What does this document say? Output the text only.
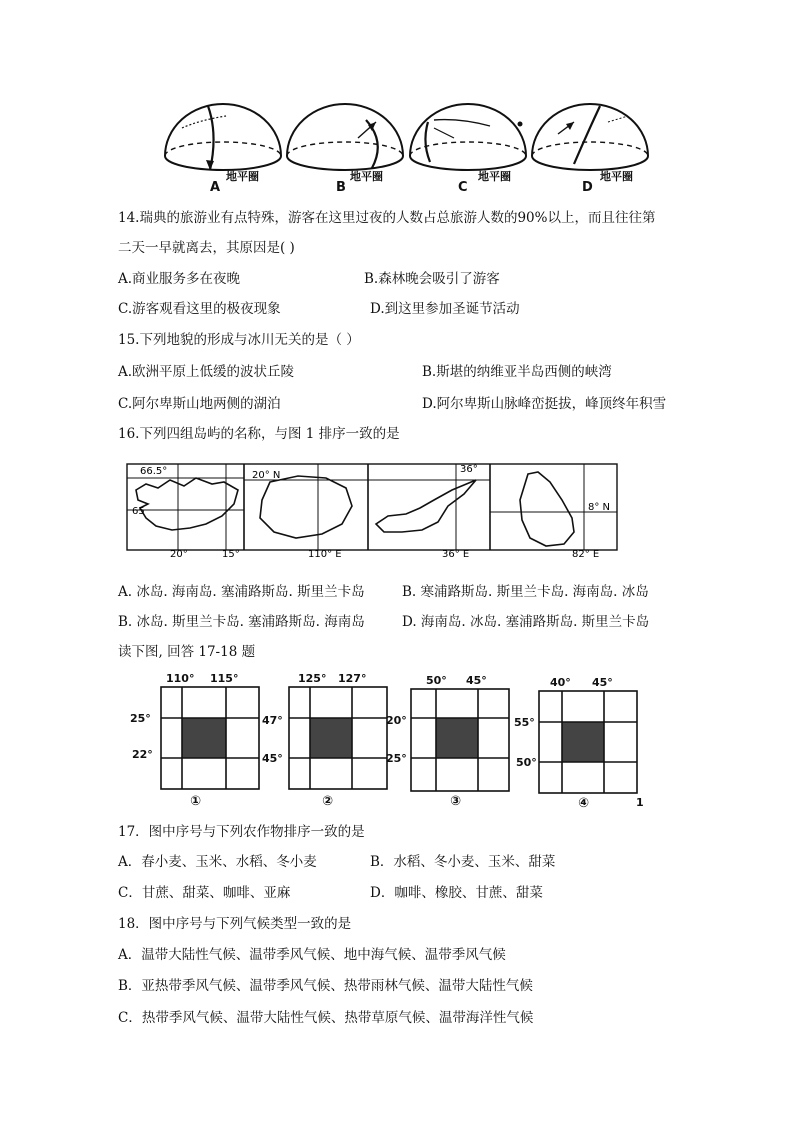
地平圈
A
地平圈
B
地平圈
C
地平圈
D
14.瑞典的旅游业有点特殊，游客在这里过夜的人数占总旅游人数的90%以上，而且往往第
二天一早就离去，其原因是( )
A.商业服务多在夜晚	B.森林晚会吸引了游客
C.游客观看这里的极夜现象	D.到这里参加圣诞节活动
15.下列地貌的形成与冰川无关的是（ ）
A.欧洲平原上低缓的波状丘陵	B.斯堪的纳维亚半岛西侧的峡湾
C.阿尔卑斯山地两侧的湖泊	D.阿尔卑斯山脉峰峦挺拔，峰顶终年积雪
16.下列四组岛屿的名称，与图 1 排序一致的是
66.5°
65
20°	15°
20° N
110° E
36°
36° E
8° N
82° E
A. 冰岛. 海南岛. 塞浦路斯岛. 斯里兰卡岛	B. 寒浦路斯岛. 斯里兰卡岛. 海南岛. 冰岛
B. 冰岛. 斯里兰卡岛. 塞浦路斯岛. 海南岛	D. 海南岛. 冰岛. 塞浦路斯岛. 斯里兰卡岛
读下图, 回答 17-18 题
110° 115°
25°
22°
①
125° 127°
47°
45°
②
50° 45°
20°
25°
③
40° 45°
55°
50°
④	1
17．图中序号与下列农作物排序一致的是
A．春小麦、玉米、水稻、冬小麦	B．水稻、冬小麦、玉米、甜菜
C．甘蔗、甜菜、咖啡、亚麻	D．咖啡、橡胶、甘蔗、甜菜
18．图中序号与下列气候类型一致的是
A．温带大陆性气候、温带季风气候、地中海气候、温带季风气候
B．亚热带季风气候、温带季风气候、热带雨林气候、温带大陆性气候
C．热带季风气候、温带大陆性气候、热带草原气候、温带海洋性气候
